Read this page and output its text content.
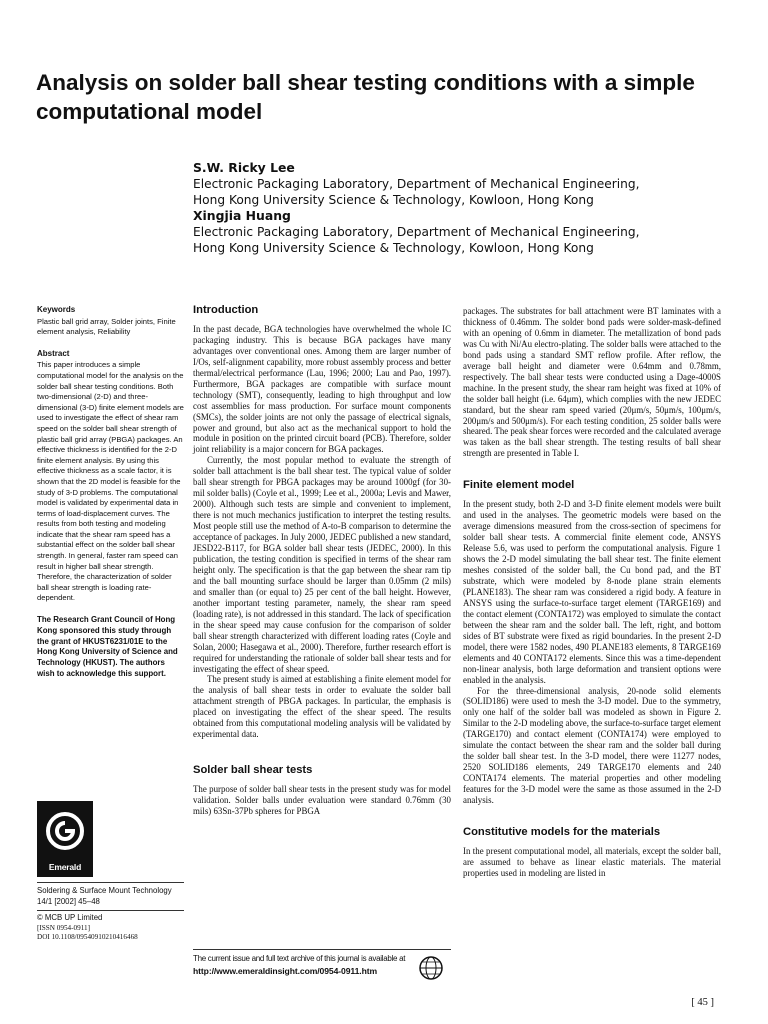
Analysis on solder ball shear testing conditions with a simple computational model
S.W. Ricky Lee
Electronic Packaging Laboratory, Department of Mechanical Engineering,
Hong Kong University Science & Technology, Kowloon, Hong Kong
Xingjia Huang
Electronic Packaging Laboratory, Department of Mechanical Engineering,
Hong Kong University Science & Technology, Kowloon, Hong Kong
Keywords

Plastic ball grid array, Solder joints, Finite element analysis, Reliability

Abstract

This paper introduces a simple computational model for the analysis on the solder ball shear testing conditions. Both two-dimensional (2-D) and three-dimensional (3-D) finite element models are used to investigate the effect of shear ram speed on the solder ball shear strength of plastic ball grid array (PBGA) packages. An effective thickness is identified for the 2-D finite element analysis. By using this effective thickness as a scale factor, it is shown that the 2D model is feasible for the study of 3-D problems. The computational model is validated by experimental data in terms of load-displacement curves. The results from both testing and modeling indicate that the shear ram speed has a substantial effect on the solder ball shear strength. In general, faster ram speed can result in higher ball shear strength. Therefore, the characterization of solder ball shear strength is loading rate-dependent.

The Research Grant Council of Hong Kong sponsored this study through the grant of HKUST6231/01E to the Hong Kong University of Science and Technology (HKUST). The authors wish to acknowledge this support.

Emerald

Soldering & Surface Mount Technology

14/1 [2002] 45–48

© MCB UP Limited

[ISSN 0954-0911]

DOI 10.1108/09540910210416468

Introduction

In the past decade, BGA technologies have overwhelmed the whole IC packaging industry. This is because BGA packages have many advantages over conventional ones. Among them are larger number of I/Os, self-alignment capability, more robust assembly process and better thermal/electrical performance (Lau, 1996; 2000; Lau and Pao, 1997). Furthermore, BGA packages are compatible with surface mount technology (SMT), consequently, leading to high throughput and low cost assemblies for mass production. For surface mount components (SMCs), the solder joints are not only the passage of electrical signals, power and ground, but also act as the mechanical support to hold the module in position on the printed circuit board (PCB). Therefore, solder joint reliability is a major concern for BGA packages.

Currently, the most popular method to evaluate the strength of solder ball attachment is the ball shear test. The typical value of solder ball shear strength for PBGA packages may be around 1000gf (for 30-mil solder balls) (Coyle et al., 1999; Lee et al., 2000a; Levis and Mawer, 2000). Although such tests are simple and convenient to implement, there is not much mechanics justification to interpret the testing results. Most people still use the method of A-to-B comparison to determine the acceptance of packages. In July 2000, JEDEC published a new standard, JESD22-B117, for BGA solder ball shear tests (JEDEC, 2000). In this publication, the testing condition is specified in terms of the shear ram height only. The specification is that the gap between the shear ram tip and the ball mounting surface should be larger than 0.05mm (2 mils) and smaller than (or equal to) 25 per cent of the ball height. However, another important testing parameter, namely, the shear ram speed (loading rate), is not addressed in this standard. The lack of specification in the shear speed may cause confusion for the comparison of solder ball shear strength characterized with different loading rates (Coyle and Solan, 2000; Hasegawa et al., 2000). Therefore, further research effort is required for understanding the rationale of solder ball shear tests and for investigating the effect of shear speed.

The present study is aimed at establishing a finite element model for the analysis of ball shear tests in order to evaluate the solder ball attachment strength of PBGA packages. In particular, the emphasis is placed on investigating the effect of the shear speed. The results obtained from this computational modeling analysis will be validated by experimental data.

Solder ball shear tests

The purpose of solder ball shear tests in the present study was for model validation. Solder balls under evaluation were standard 0.76mm (30 mils) 63Sn-37Pb spheres for PBGA

packages. The substrates for ball attachment were BT laminates with a thickness of 0.46mm. The solder bond pads were solder-mask-defined with an opening of 0.6mm in diameter. The metallization of bond pads was Cu with Ni/Au electro-plating. The solder balls were attached to the bond pads using a standard SMT reflow profile. After reflow, the average ball height and diameter were 0.64mm and 0.78mm, respectively. The ball shear tests were conducted using a Dage-4000S machine. In the present study, the shear ram height was fixed at 10% of the solder ball height (i.e. 64μm), which complies with the new JEDEC standard, but the shear ram speed varied (20μm/s, 50μm/s, 100μm/s, 200μm/s and 500μm/s). For each testing condition, 25 solder balls were sheared. The peak shear forces were recorded and the calculated average was taken as the ball shear strength. The testing results of ball shear strength are presented in Table I.

Finite element model

In the present study, both 2-D and 3-D finite element models were built and used in the analyses. The geometric models were based on the average dimensions measured from the cross-section of specimens for solder ball shear tests. A commercial finite element code, ANSYS Release 5.6, was used to perform the computational analysis. Figure 1 shows the 2-D model simulating the ball shear test. The finite element meshes consisted of the solder ball, the Cu bond pad, and the BT substrate, which were modeled by 8-node plane strain elements (PLANE183). The shear ram was considered a rigid body. A feature in ANSYS using the surface-to-surface target element (TARGE169) and the contact element (CONTA172) was employed to simulate the contact between the shear ram and the solder ball. The left, right, and bottom sides of BT substrate were fixed as rigid boundaries. In the present 2-D model, there were 1582 nodes, 490 PLANE183 elements, 8 TARGE169 elements and 40 CONTA172 elements. Since this was a time-dependent non-linear analysis, both large deformation and transient options were enabled in the analysis.

For the three-dimensional analysis, 20-node solid elements (SOLID186) were used to mesh the 3-D model. Due to the symmetry, only one half of the solder ball was modeled as shown in Figure 2. Similar to the 2-D modeling above, the surface-to-surface target element (TARGE170) and contact element (CONTA174) were employed to simulate the contact between the shear ram and the solder ball during the solder ball shear test. In the 3-D model, there were 11277 nodes, 2520 SOLID186 elements, 249 TARGE170 elements and 240 CONTA174 elements. The material properties and other modeling features for the 3-D model were the same as those assumed in the 2-D analysis.

Constitutive models for the materials

In the present computational model, all materials, except the solder ball, are assumed to behave as linear elastic materials. The material properties used in modeling are listed in

The current issue and full text archive of this journal is available at
http://www.emeraldinsight.com/0954-0911.htm
[ 45 ]
